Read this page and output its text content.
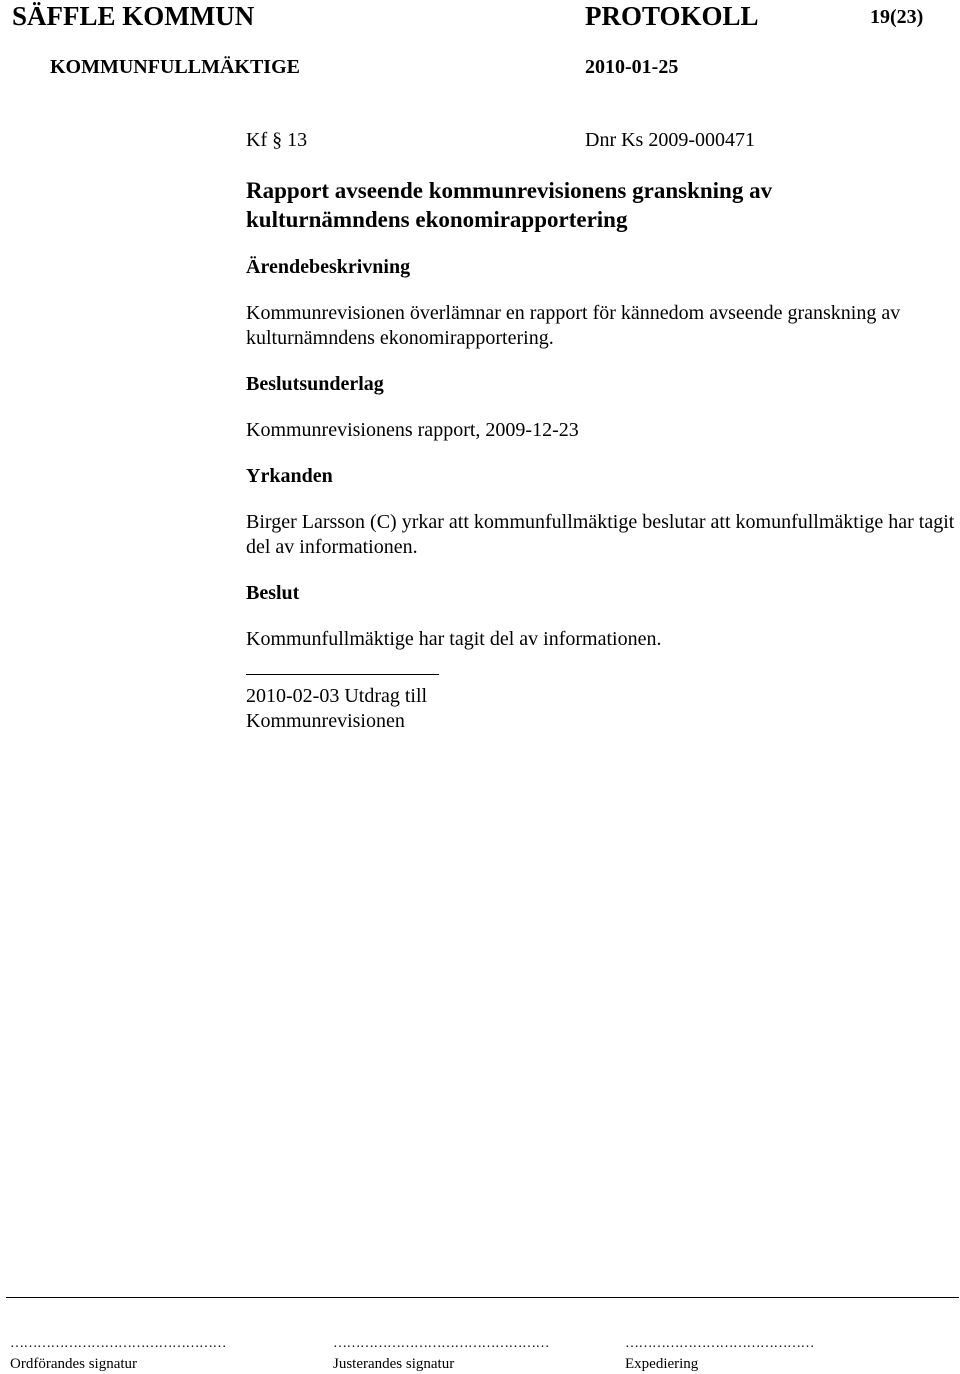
SÄFFLE KOMMUN	PROTOKOLL	19(23)
KOMMUNFULLMÄKTIGE	2010-01-25
Kf § 13	Dnr Ks 2009-000471
Rapport avseende kommunrevisionens granskning av kulturnämndens ekonomirapportering
Ärendebeskrivning
Kommunrevisionen överlämnar en rapport för kännedom avseende granskning av kulturnämndens ekonomirapportering.
Beslutsunderlag
Kommunrevisionens rapport, 2009-12-23
Yrkanden
Birger Larsson (C) yrkar att kommunfullmäktige beslutar att komunfullmäktige har tagit del av informationen.
Beslut
Kommunfullmäktige har tagit del av informationen.
2010-02-03 Utdrag till
Kommunrevisionen
…………………………………………	…………………………………………	……………………………………
Ordförandes signatur	Justerandes signatur	Expediering
